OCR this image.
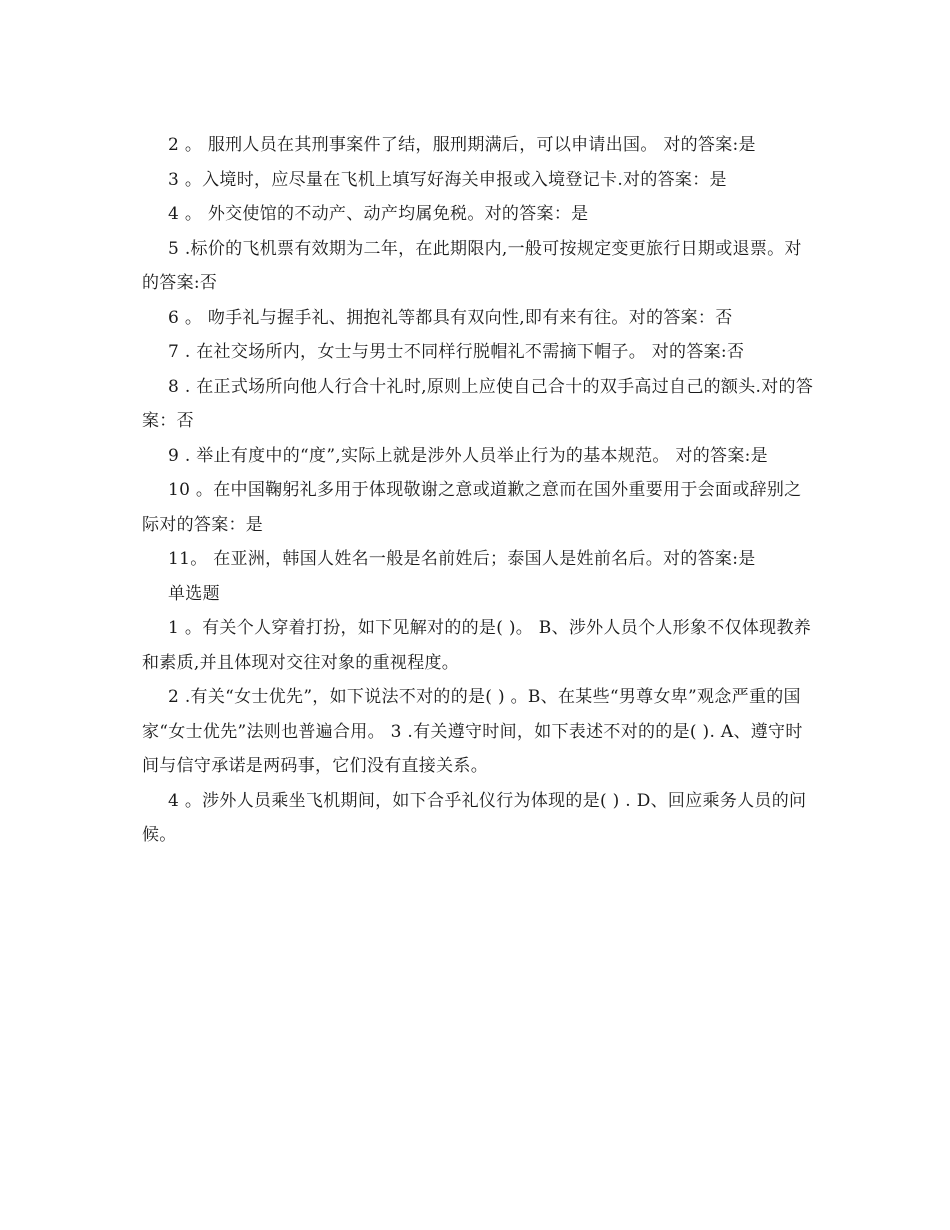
2 。 服刑人员在其刑事案件了结，服刑期满后，可以申请出国。 对的答案:是

3 。入境时，应尽量在飞机上填写好海关申报或入境登记卡.对的答案：是

4 。 外交使馆的不动产、动产均属免税。对的答案：是

5 .标价的飞机票有效期为二年，在此期限内,一般可按规定变更旅行日期或退票。对的答案:否

6 。 吻手礼与握手礼、拥抱礼等都具有双向性,即有来有往。对的答案：否

7 . 在社交场所内，女士与男士不同样行脱帽礼不需摘下帽子。 对的答案:否

8 . 在正式场所向他人行合十礼时,原则上应使自己合十的双手高过自己的额头.对的答案：否

9 . 举止有度中的“度”,实际上就是涉外人员举止行为的基本规范。 对的答案:是

10 。在中国鞠躬礼多用于体现敬谢之意或道歉之意而在国外重要用于会面或辞别之际对的答案：是

11。 在亚洲，韩国人姓名一般是名前姓后；泰国人是姓前名后。对的答案:是

单选题

1 。有关个人穿着打扮，如下见解对的的是( )。 B、涉外人员个人形象不仅体现教养和素质,并且体现对交往对象的重视程度。

2 .有关“女士优先”，如下说法不对的的是( ) 。B、在某些“男尊女卑”观念严重的国家“女士优先”法则也普遍合用。 3 .有关遵守时间，如下表述不对的的是( ). A、遵守时间与信守承诺是两码事，它们没有直接关系。

4 。涉外人员乘坐飞机期间，如下合乎礼仪行为体现的是( ) . D、回应乘务人员的问候。
